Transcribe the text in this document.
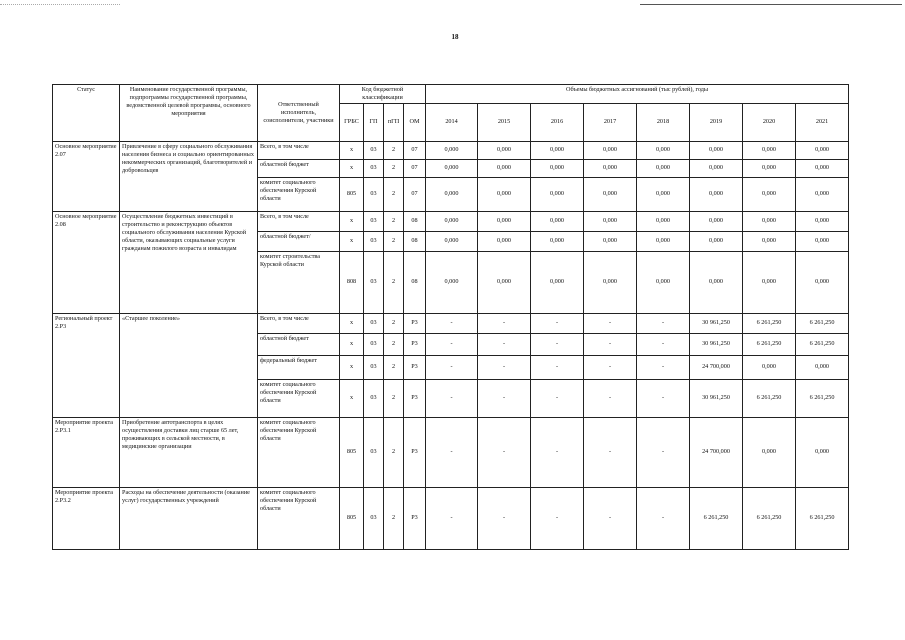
18
Статус	Наименование государственной программы, подпрограммы государственной программы, ведомственной целевой программы, основного мероприятия	Ответственный исполнитель, соисполнители, участники	Код бюджетной классификации				Объемы бюджетных ассигнований (тыс рублей), годы							
			ГРБС	ГП	пГП	ОМ	2014	2015	2016	2017	2018	2019	2020	2021
Основное мероприятие 2.07	Привлечение в сферу социального обслуживания населения бизнеса и социально ориентированных некоммерческих организаций, благотворителей и добровольцев	Всего, в том числе	х	03	2	07	0,000	0,000	0,000	0,000	0,000	0,000	0,000	0,000
		областной бюджет	х	03	2	07	0,000	0,000	0,000	0,000	0,000	0,000	0,000	0,000
		комитет социального обеспечения Курской области	805	03	2	07	0,000	0,000	0,000	0,000	0,000	0,000	0,000	0,000
Основное мероприятие 2.08	Осуществление бюджетных инвестиций в строительство и реконструкцию объектов социального обслуживания населения Курской области, оказывающих социальные услуги гражданам пожилого возраста и инвалидам	Всего, в том числе	х	03	2	08	0,000	0,000	0,000	0,000	0,000	0,000	0,000	0,000
		областной бюджет/	х	03	2	08	0,000	0,000	0,000	0,000	0,000	0,000	0,000	0,000
		комитет строительства Курской области	808	03	2	08	0,000	0,000	0,000	0,000	0,000	0,000	0,000	0,000
Региональный проект 2.Р3	«Старшее поколение»	Всего, в том числе	х	03	2	Р3	-	-	-	-	-	30 961,250	6 261,250	6 261,250
		областной бюджет	х	03	2	Р3	-	-	-	-	-	30 961,250	6 261,250	6 261,250
		федеральный бюджет	х	03	2	Р3	-	-	-	-	-	24 700,000	0,000	0,000
		комитет социального обеспечения Курской области	х	03	2	Р3	-	-	-	-	-	30 961,250	6 261,250	6 261,250
Мероприятие проекта 2.Р3.1	Приобретение автотранспорта в целях осуществления доставки лиц старше 65 лет, проживающих в сельской местности, в медицинские организации	комитет социального обеспечения Курской области	805	03	2	Р3	-	-	-	-	-	24 700,000	0,000	0,000
Мероприятие проекта 2.Р3.2	Расходы на обеспечение деятельности (оказание услуг) государственных учреждений	комитет социального обеспечения Курской области	805	03	2	Р3	-	-	-	-	-	6 261,250	6 261,250	6 261,250
